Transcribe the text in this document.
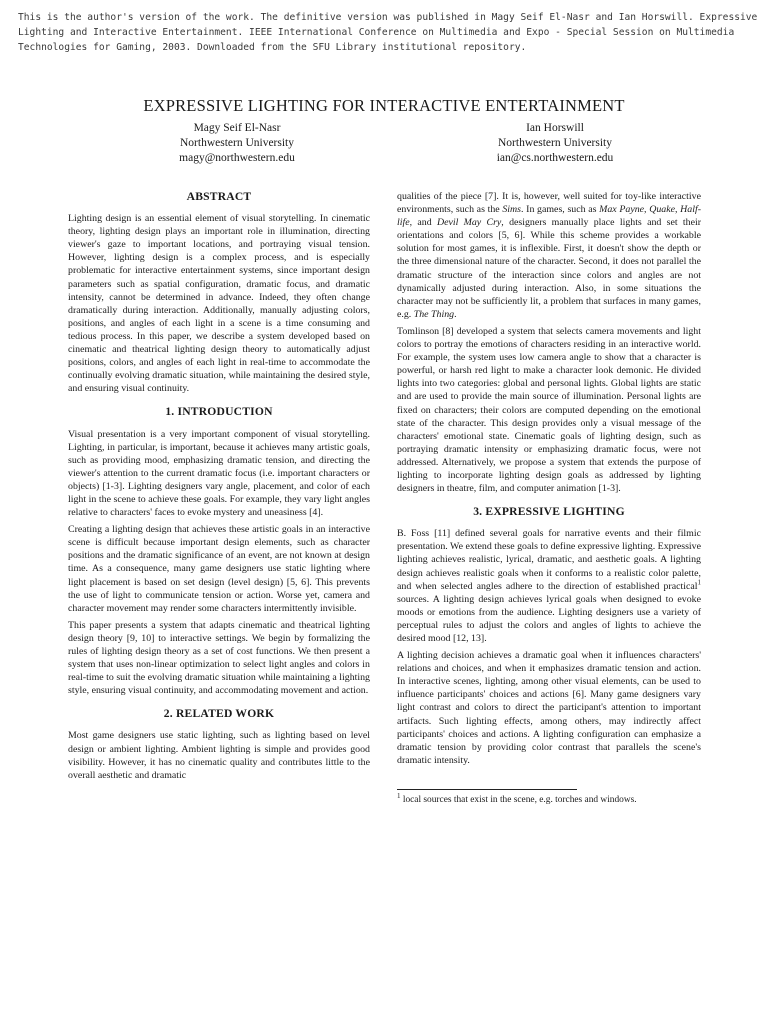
This is the author's version of the work. The definitive version was published in Magy Seif El-Nasr and Ian Horswill. Expressive Lighting and Interactive Entertainment. IEEE International Conference on Multimedia and Expo - Special Session on Multimedia Technologies for Gaming, 2003. Downloaded from the SFU Library institutional repository.
EXPRESSIVE LIGHTING FOR INTERACTIVE ENTERTAINMENT
Magy Seif El-Nasr
Northwestern University
magy@northwestern.edu
Ian Horswill
Northwestern University
ian@cs.northwestern.edu
ABSTRACT

Lighting design is an essential element of visual storytelling. In cinematic theory, lighting design plays an important role in illumination, directing viewer's gaze to important locations, and portraying visual tension. However, lighting design is a complex process, and is especially problematic for interactive entertainment systems, since important design parameters such as spatial configuration, dramatic focus, and dramatic intensity, cannot be determined in advance. Indeed, they often change dramatically during interaction. Additionally, manually adjusting colors, positions, and angles of each light in a scene is a time consuming and tedious process. In this paper, we describe a system developed based on cinematic and theatrical lighting design theory to automatically adjust positions, colors, and angles of each light in real-time to accommodate the continually evolving dramatic situation, while maintaining the desired style, and ensuring visual continuity.

1. INTRODUCTION

Visual presentation is a very important component of visual storytelling. Lighting, in particular, is important, because it achieves many artistic goals, such as providing mood, emphasizing dramatic tension, and directing the viewer's attention to the current dramatic focus (i.e. important characters or objects) [1-3]. Lighting designers vary angle, placement, and color of each light in the scene to achieve these goals. For example, they vary light angles relative to characters' faces to evoke mystery and uneasiness [4].

Creating a lighting design that achieves these artistic goals in an interactive scene is difficult because important design elements, such as character positions and the dramatic significance of an event, are not known at design time. As a consequence, many game designers use static lighting where light placement is based on set design (level design) [5, 6]. This prevents the use of light to communicate tension or action. Worse yet, camera and character movement may render some characters intermittently invisible.

This paper presents a system that adapts cinematic and theatrical lighting design theory [9, 10] to interactive settings. We begin by formalizing the rules of lighting design theory as a set of cost functions. We then present a system that uses non-linear optimization to select light angles and colors in real-time to suit the evolving dramatic situation while maintaining a lighting style, ensuring visual continuity, and accommodating movement and action.

2. RELATED WORK

Most game designers use static lighting, such as lighting based on level design or ambient lighting. Ambient lighting is simple and provides good visibility. However, it has no cinematic quality and contributes little to the overall aesthetic and dramatic

qualities of the piece [7]. It is, however, well suited for toy-like interactive environments, such as the Sims. In games, such as Max Payne, Quake, Half-life, and Devil May Cry, designers manually place lights and set their orientations and colors [5, 6]. While this scheme provides a workable solution for most games, it is inflexible. First, it doesn't show the depth or the three dimensional nature of the character. Second, it does not parallel the dramatic structure of the interaction since colors and angles are not dynamically adjusted during interaction. Also, in some situations the character may not be sufficiently lit, a problem that surfaces in many games, e.g. The Thing.

Tomlinson [8] developed a system that selects camera movements and light colors to portray the emotions of characters residing in an interactive world. For example, the system uses low camera angle to show that a character is powerful, or harsh red light to make a character look demonic. He divided lights into two categories: global and personal lights. Global lights are static and are used to provide the main source of illumination. Personal lights are fixed on characters; their colors are computed depending on the emotional state of the character. This design provides only a visual message of the characters' emotional state. Cinematic goals of lighting design, such as portraying dramatic intensity or emphasizing dramatic focus, were not addressed. Alternatively, we propose a system that extends the purpose of lighting to incorporate lighting design goals as addressed by lighting designers in theatre, film, and computer animation [1-3].

3. EXPRESSIVE LIGHTING

B. Foss [11] defined several goals for narrative events and their filmic presentation. We extend these goals to define expressive lighting. Expressive lighting achieves realistic, lyrical, dramatic, and aesthetic goals. A lighting design achieves realistic goals when it conforms to a realistic color palette, and when selected angles adhere to the direction of established practical$^1$ sources. A lighting design achieves lyrical goals when designed to evoke moods or emotions from the audience. Lighting designers use a variety of perceptual rules to adjust the colors and angles of lights to achieve the desired mood [12, 13].

A lighting decision achieves a dramatic goal when it influences characters' relations and choices, and when it emphasizes dramatic tension and action. In interactive scenes, lighting, among other visual elements, can be used to influence participants' choices and actions [6]. Many game designers vary light contrast and colors to direct the participant's attention to important artifacts. Such lighting effects, among others, may indirectly affect participants' choices and actions. A lighting configuration can emphasize a dramatic tension by providing color contrast that parallels the scene's dramatic intensity.

$^1$ local sources that exist in the scene, e.g. torches and windows.
